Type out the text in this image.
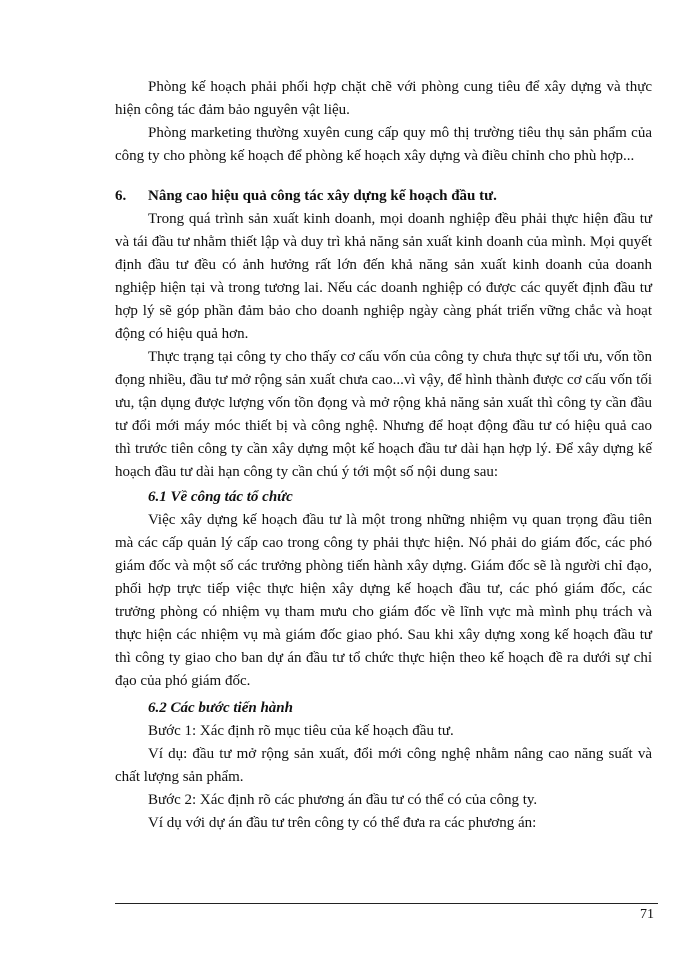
Phòng kế hoạch phải phối hợp chặt chẽ với phòng cung tiêu để xây dựng và thực hiện công tác đảm bảo nguyên vật liệu.

Phòng marketing thường xuyên cung cấp quy mô thị trường tiêu thụ sản phẩm của công ty cho phòng kế hoạch để phòng kế hoạch xây dựng và điều chỉnh cho phù hợp...

6. Nâng cao hiệu quả công tác xây dựng kế hoạch đầu tư.

Trong quá trình sản xuất kinh doanh, mọi doanh nghiệp đều phải thực hiện đầu tư và tái đầu tư nhằm thiết lập và duy trì khả năng sản xuất kinh doanh của mình. Mọi quyết định đầu tư đều có ảnh hưởng rất lớn đến khả năng sản xuất kinh doanh của doanh nghiệp hiện tại và trong tương lai. Nếu các doanh nghiệp có được các quyết định đầu tư hợp lý sẽ góp phần đảm bảo cho doanh nghiệp ngày càng phát triển vững chắc và hoạt động có hiệu quả hơn.

Thực trạng tại công ty cho thấy cơ cấu vốn của công ty chưa thực sự tối ưu, vốn tồn đọng nhiều, đầu tư mở rộng sản xuất chưa cao...vì vậy, để hình thành được cơ cấu vốn tối ưu, tận dụng được lượng vốn tồn đọng và mở rộng khả năng sản xuất thì công ty cần đầu tư đổi mới máy móc thiết bị và công nghệ. Nhưng để hoạt động đầu tư có hiệu quả cao thì trước tiên công ty cần xây dựng một kế hoạch đầu tư dài hạn hợp lý. Để xây dựng kế hoạch đầu tư dài hạn công ty cần chú ý tới một số nội dung sau:

6.1 Về công tác tổ chức

Việc xây dựng kế hoạch đầu tư là một trong những nhiệm vụ quan trọng đầu tiên mà các cấp quản lý cấp cao trong công ty phải thực hiện. Nó phải do giám đốc, các phó giám đốc và một số các trưởng phòng tiến hành xây dựng. Giám đốc sẽ là người chỉ đạo, phối hợp trực tiếp việc thực hiện xây dựng kế hoạch đầu tư, các phó giám đốc, các trưởng phòng có nhiệm vụ tham mưu cho giám đốc về lĩnh vực mà mình phụ trách và thực hiện các nhiệm vụ mà giám đốc giao phó. Sau khi xây dựng xong kế hoạch đầu tư thì công ty giao cho ban dự án đầu tư tổ chức thực hiện theo kế hoạch đề ra dưới sự chỉ đạo của phó giám đốc.

6.2 Các bước tiến hành

Bước 1: Xác định rõ mục tiêu của kế hoạch đầu tư.

Ví dụ: đầu tư mở rộng sản xuất, đổi mới công nghệ nhằm nâng cao năng suất và chất lượng sản phẩm.

Bước 2: Xác định rõ các phương án đầu tư có thể có của công ty.

Ví dụ với dự án đầu tư trên công ty có thể đưa ra các phương án:

71
